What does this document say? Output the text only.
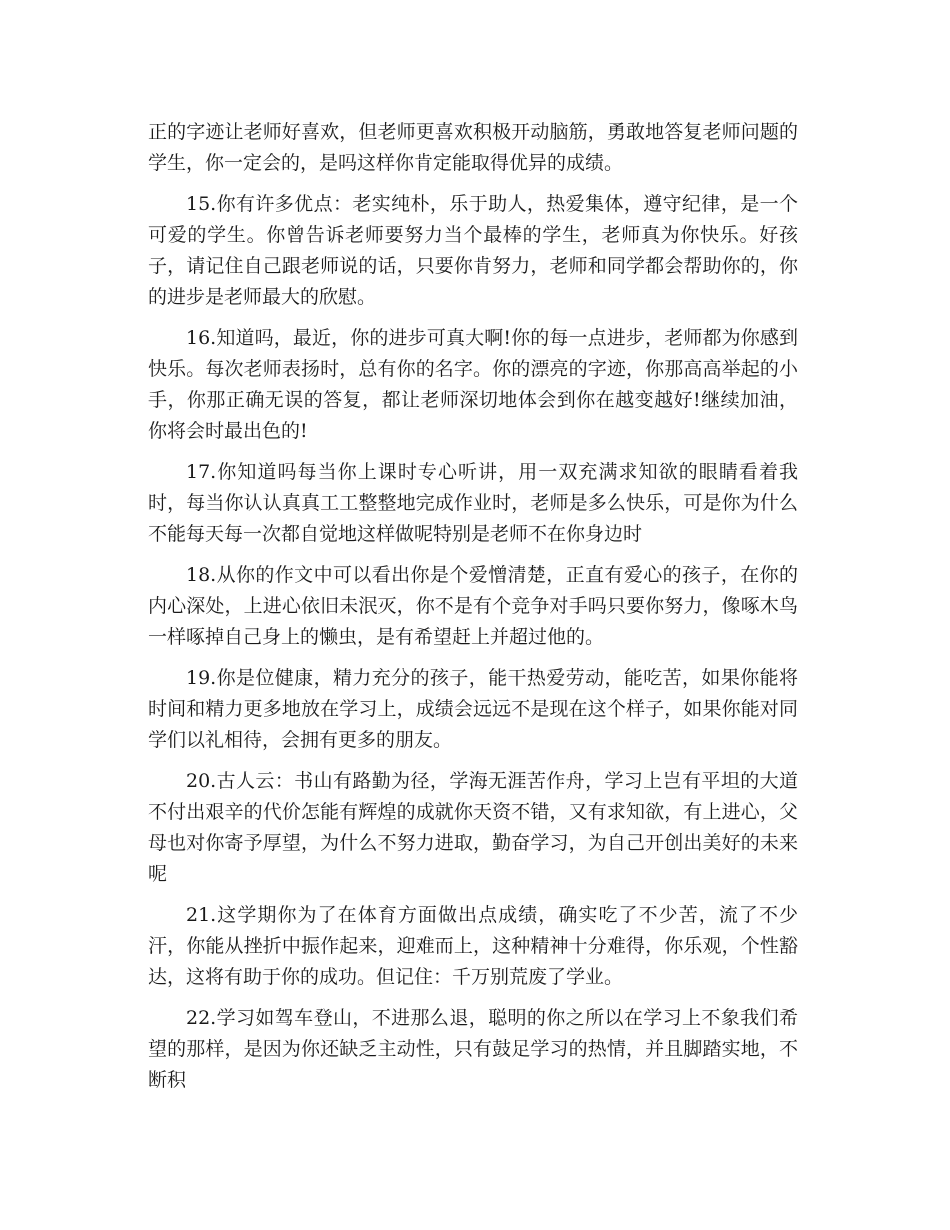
正的字迹让老师好喜欢，但老师更喜欢积极开动脑筋，勇敢地答复老师问题的学生，你一定会的，是吗这样你肯定能取得优异的成绩。

15.你有许多优点：老实纯朴，乐于助人，热爱集体，遵守纪律，是一个可爱的学生。你曾告诉老师要努力当个最棒的学生，老师真为你快乐。好孩子，请记住自己跟老师说的话，只要你肯努力，老师和同学都会帮助你的，你的进步是老师最大的欣慰。

16.知道吗，最近，你的进步可真大啊!你的每一点进步，老师都为你感到快乐。每次老师表扬时，总有你的名字。你的漂亮的字迹，你那高高举起的小手，你那正确无误的答复，都让老师深切地体会到你在越变越好!继续加油，你将会时最出色的!

17.你知道吗每当你上课时专心听讲，用一双充满求知欲的眼睛看着我时，每当你认认真真工工整整地完成作业时，老师是多么快乐，可是你为什么不能每天每一次都自觉地这样做呢特别是老师不在你身边时

18.从你的作文中可以看出你是个爱憎清楚，正直有爱心的孩子，在你的内心深处，上进心依旧未泯灭，你不是有个竞争对手吗只要你努力，像啄木鸟一样啄掉自己身上的懒虫，是有希望赶上并超过他的。

19.你是位健康，精力充分的孩子，能干热爱劳动，能吃苦，如果你能将时间和精力更多地放在学习上，成绩会远远不是现在这个样子，如果你能对同学们以礼相待，会拥有更多的朋友。

20.古人云：书山有路勤为径，学海无涯苦作舟，学习上岂有平坦的大道不付出艰辛的代价怎能有辉煌的成就你天资不错，又有求知欲，有上进心，父母也对你寄予厚望，为什么不努力进取，勤奋学习，为自己开创出美好的未来呢

21.这学期你为了在体育方面做出点成绩，确实吃了不少苦，流了不少汗，你能从挫折中振作起来，迎难而上，这种精神十分难得，你乐观，个性豁达，这将有助于你的成功。但记住：千万别荒废了学业。

22.学习如驾车登山，不进那么退，聪明的你之所以在学习上不象我们希望的那样，是因为你还缺乏主动性，只有鼓足学习的热情，并且脚踏实地，不断积
